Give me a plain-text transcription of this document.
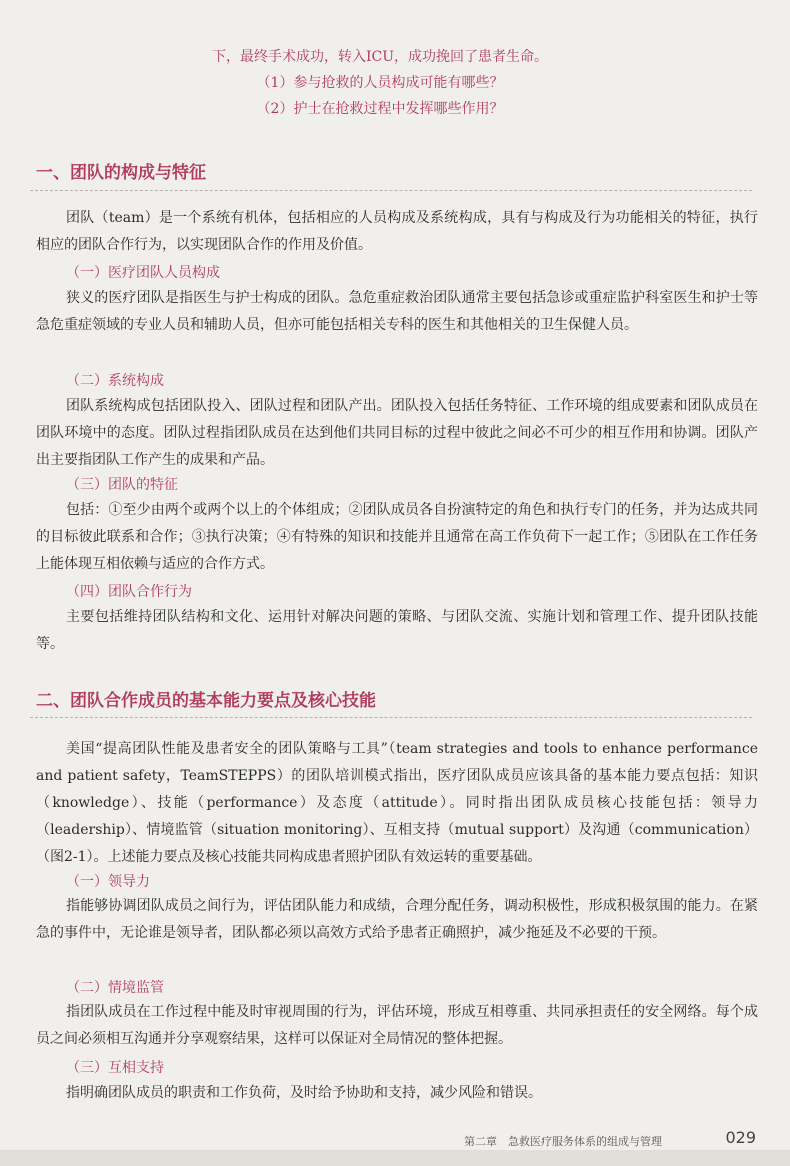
下，最终手术成功，转入ICU，成功挽回了患者生命。
（1）参与抢救的人员构成可能有哪些？
（2）护士在抢救过程中发挥哪些作用？
一、团队的构成与特征

团队（team）是一个系统有机体，包括相应的人员构成及系统构成，具有与构成及行为功能相关的特征，执行相应的团队合作行为，以实现团队合作的作用及价值。

（一）医疗团队人员构成

狭义的医疗团队是指医生与护士构成的团队。急危重症救治团队通常主要包括急诊或重症监护科室医生和护士等急危重症领域的专业人员和辅助人员，但亦可能包括相关专科的医生和其他相关的卫生保健人员。

（二）系统构成

团队系统构成包括团队投入、团队过程和团队产出。团队投入包括任务特征、工作环境的组成要素和团队成员在团队环境中的态度。团队过程指团队成员在达到他们共同目标的过程中彼此之间必不可少的相互作用和协调。团队产出主要指团队工作产生的成果和产品。

（三）团队的特征

包括：①至少由两个或两个以上的个体组成；②团队成员各自扮演特定的角色和执行专门的任务，并为达成共同的目标彼此联系和合作；③执行决策；④有特殊的知识和技能并且通常在高工作负荷下一起工作；⑤团队在工作任务上能体现互相依赖与适应的合作方式。

（四）团队合作行为

主要包括维持团队结构和文化、运用针对解决问题的策略、与团队交流、实施计划和管理工作、提升团队技能等。

二、团队合作成员的基本能力要点及核心技能

美国“提高团队性能及患者安全的团队策略与工具”（team strategies and tools to enhance performance and patient safety，TeamSTEPPS）的团队培训模式指出，医疗团队成员应该具备的基本能力要点包括：知识（knowledge）、技能（performance）及态度（attitude）。同时指出团队成员核心技能包括：领导力（leadership）、情境监管（situation monitoring）、互相支持（mutual support）及沟通（communication）（图2-1）。上述能力要点及核心技能共同构成患者照护团队有效运转的重要基础。

（一）领导力

指能够协调团队成员之间行为，评估团队能力和成绩，合理分配任务，调动积极性，形成积极氛围的能力。在紧急的事件中，无论谁是领导者，团队都必须以高效方式给予患者正确照护，减少拖延及不必要的干预。

（二）情境监管

指团队成员在工作过程中能及时审视周围的行为，评估环境，形成互相尊重、共同承担责任的安全网络。每个成员之间必须相互沟通并分享观察结果，这样可以保证对全局情况的整体把握。

（三）互相支持

指明确团队成员的职责和工作负荷，及时给予协助和支持，减少风险和错误。

第二章　急救医疗服务体系的组成与管理	029
